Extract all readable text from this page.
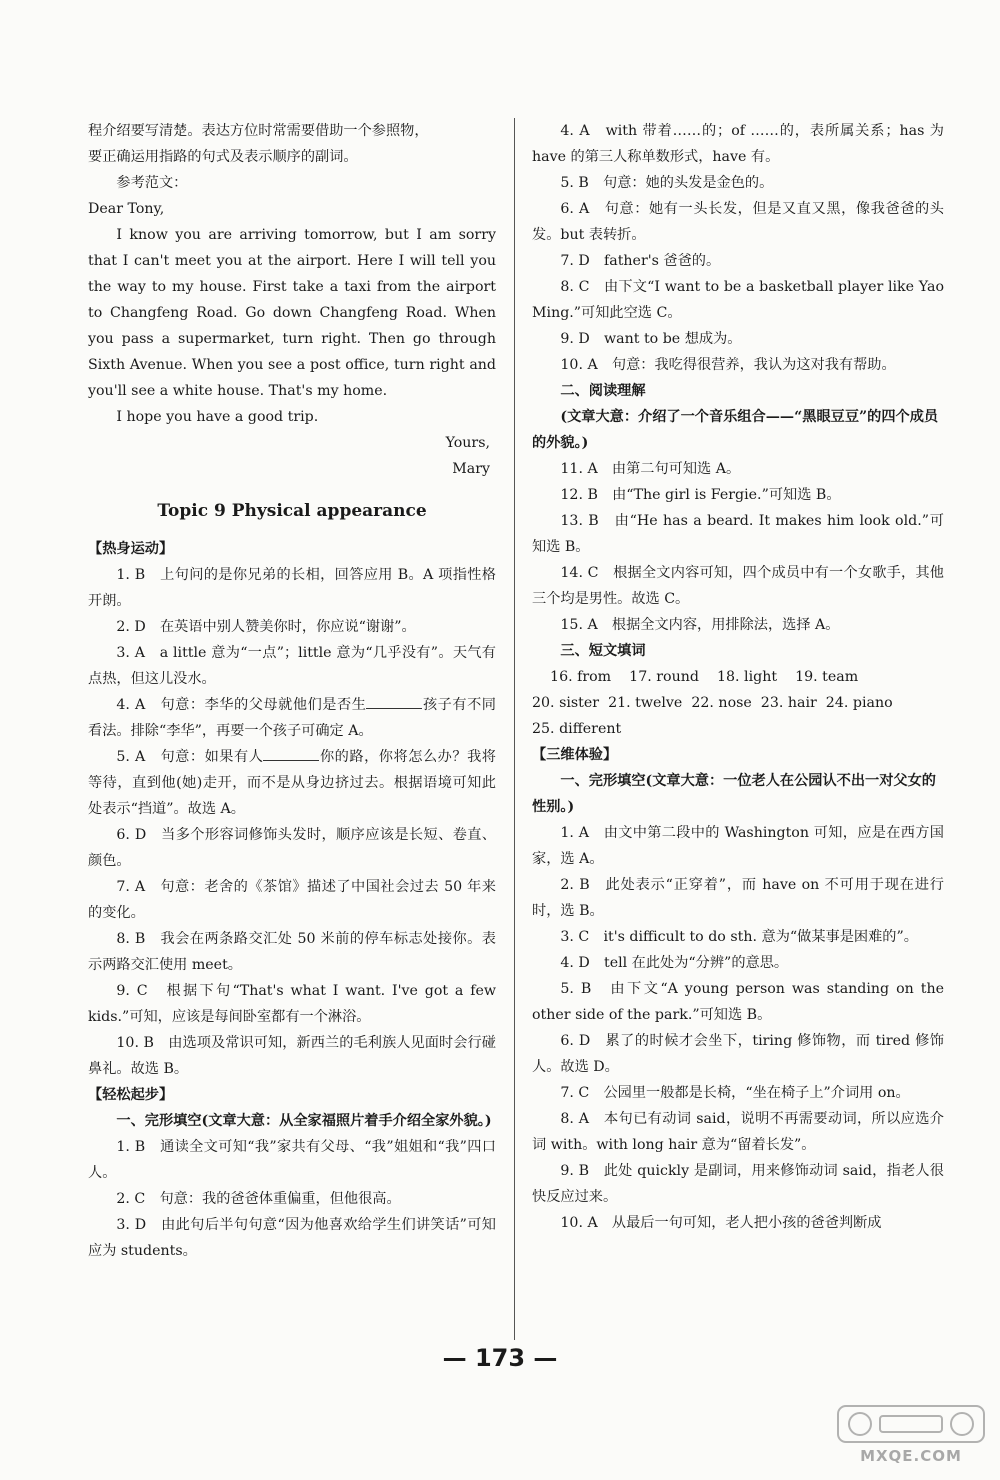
程介绍要写清楚。表达方位时常需要借助一个参照物，

要正确运用指路的句式及表示顺序的副词。

参考范文：

Dear Tony,

I know you are arriving tomorrow, but I am sorry that I can't meet you at the airport. Here I will tell you the way to my house. First take a taxi from the airport to Changfeng Road. Go down Changfeng Road. When you pass a supermarket, turn right. Then go through Sixth Avenue. When you see a post office, turn right and you'll see a white house. That's my home.

I hope you have a good trip.

Yours,

Mary

Topic 9 Physical appearance

【热身运动】

1. B　上句问的是你兄弟的长相，回答应用 B。A 项指性格开朗。

2. D　在英语中别人赞美你时，你应说“谢谢”。

3. A　a little 意为“一点”；little 意为“几乎没有”。天气有点热，但这儿没水。

4. A　句意：李华的父母就他们是否生	孩子有不同看法。排除“李华”，再要一个孩子可确定 A。

5. A　句意：如果有人	你的路，你将怎么办？我将等待，直到他(她)走开，而不是从身边挤过去。根据语境可知此处表示“挡道”。故选 A。

6. D　当多个形容词修饰头发时，顺序应该是长短、卷直、颜色。

7. A　句意：老舍的《茶馆》描述了中国社会过去 50 年来的变化。

8. B　我会在两条路交汇处 50 米前的停车标志处接你。表示两路交汇使用 meet。

9. C　根据下句“That's what I want. I've got a few kids.”可知，应该是每间卧室都有一个淋浴。

10. B　由选项及常识可知，新西兰的毛利族人见面时会行碰鼻礼。故选 B。

【轻松起步】

一、完形填空(文章大意：从全家福照片着手介绍全家外貌。)

1. B　通读全文可知“我”家共有父母、“我”姐姐和“我”四口人。

2. C　句意：我的爸爸体重偏重，但他很高。

3. D　由此句后半句句意“因为他喜欢给学生们讲笑话”可知应为 students。

4. A　with 带着……的；of ……的，表所属关系；has 为 have 的第三人称单数形式，have 有。

5. B　句意：她的头发是金色的。

6. A　句意：她有一头长发，但是又直又黑，像我爸爸的头发。but 表转折。

7. D　father's 爸爸的。

8. C　由下文“I want to be a basketball player like Yao Ming.”可知此空选 C。

9. D　want to be 想成为。

10. A　句意：我吃得很营养，我认为这对我有帮助。

二、阅读理解

(文章大意：介绍了一个音乐组合——“黑眼豆豆”的四个成员的外貌。)

11. A　由第二句可知选 A。

12. B　由“The girl is Fergie.”可知选 B。

13. B　由“He has a beard. It makes him look old.”可知选 B。

14. C　根据全文内容可知，四个成员中有一个女歌手，其他三个均是男性。故选 C。

15. A　根据全文内容，用排除法，选择 A。

三、短文填词

16. from    17. round    18. light    19. team

20. sister  21. twelve  22. nose  23. hair  24. piano

25. different

【三维体验】

一、完形填空(文章大意：一位老人在公园认不出一对父女的性别。)

1. A　由文中第二段中的 Washington 可知，应是在西方国家，选 A。

2. B　此处表示“正穿着”，而 have on 不可用于现在进行时，选 B。

3. C　it's difficult to do sth. 意为“做某事是困难的”。

4. D　tell 在此处为“分辨”的意思。

5. B　由下文“A young person was standing on the other side of the park.”可知选 B。

6. D　累了的时候才会坐下，tiring 修饰物，而 tired 修饰人。故选 D。

7. C　公园里一般都是长椅，“坐在椅子上”介词用 on。

8. A　本句已有动词 said，说明不再需要动词，所以应选介词 with。with long hair 意为“留着长发”。

9. B　此处 quickly 是副词，用来修饰动词 said，指老人很快反应过来。

10. A　从最后一句可知，老人把小孩的爸爸判断成

— 173 —
MXQE.COM
